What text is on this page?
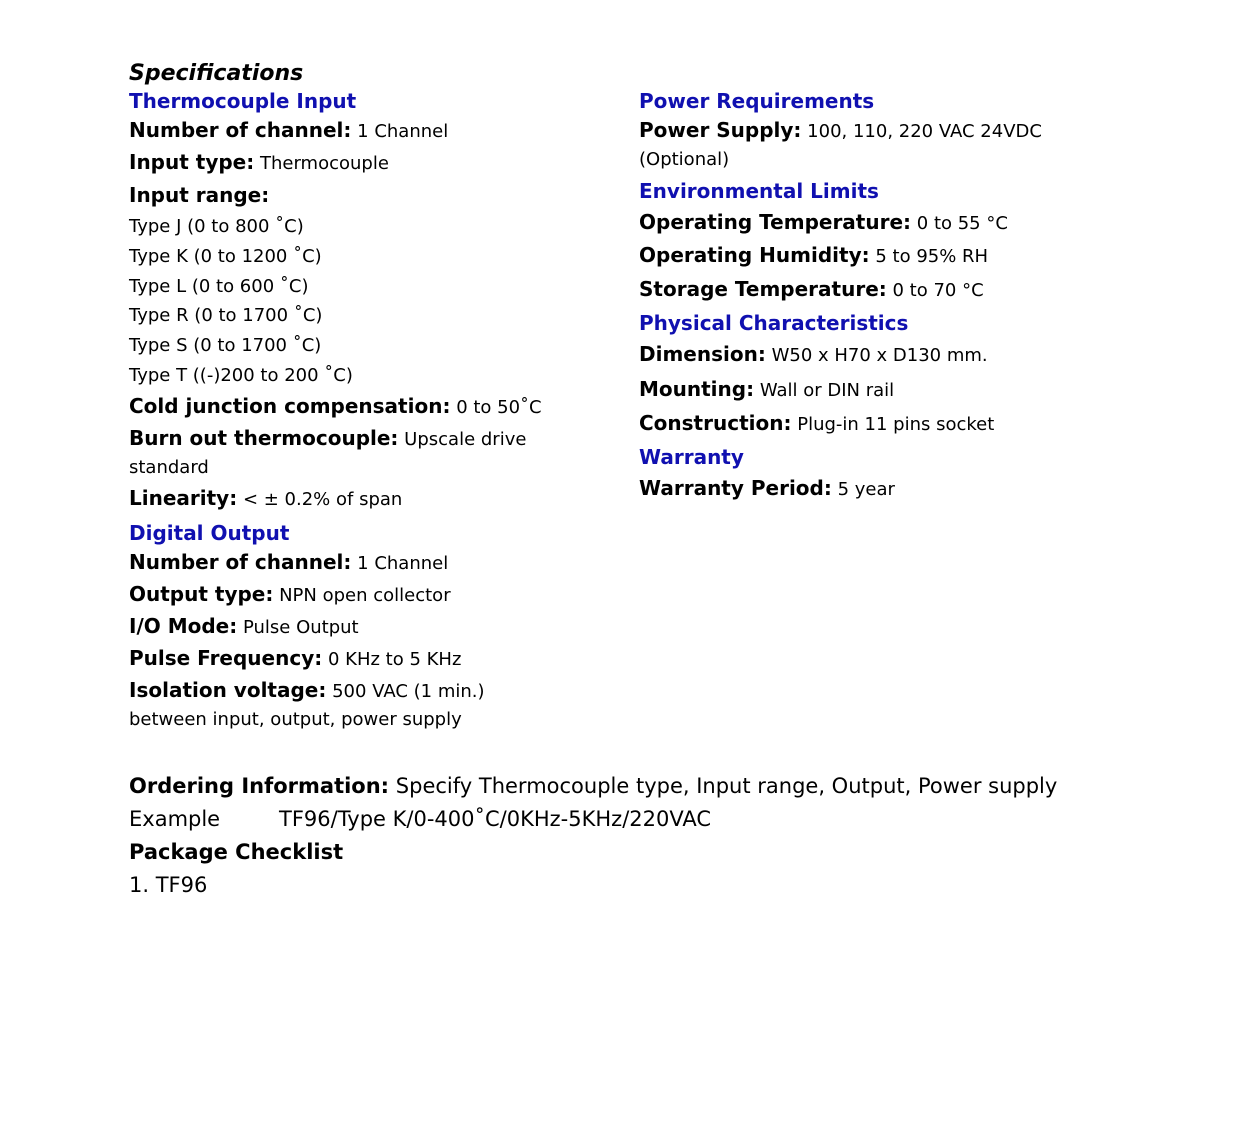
Specifications
Thermocouple Input
Number of channel: 1 Channel
Input type: Thermocouple
Input range:
Type J (0 to 800 ˚C)
Type K (0 to 1200 ˚C)
Type L (0 to 600 ˚C)
Type R (0 to 1700 ˚C)
Type S (0 to 1700 ˚C)
Type T ((-)200 to 200 ˚C)
Cold junction compensation: 0 to 50˚C
Burn out thermocouple: Upscale drive
standard
Linearity: < ± 0.2% of span
Digital Output
Number of channel: 1 Channel
Output type: NPN open collector
I/O Mode: Pulse Output
Pulse Frequency: 0 KHz to 5 KHz
Isolation voltage: 500 VAC (1 min.)
between input, output, power supply
Power Requirements
Power Supply: 100, 110, 220 VAC 24VDC
(Optional)
Environmental Limits
Operating Temperature: 0 to 55 °C
Operating Humidity: 5 to 95% RH
Storage Temperature: 0 to 70 °C
Physical Characteristics
Dimension: W50 x H70 x D130 mm.
Mounting: Wall or DIN rail
Construction: Plug-in 11 pins socket
Warranty
Warranty Period: 5 year
Ordering Information: Specify Thermocouple type, Input range, Output, Power supply
Example	TF96/Type K/0-400˚C/0KHz-5KHz/220VAC
Package Checklist
1. TF96
